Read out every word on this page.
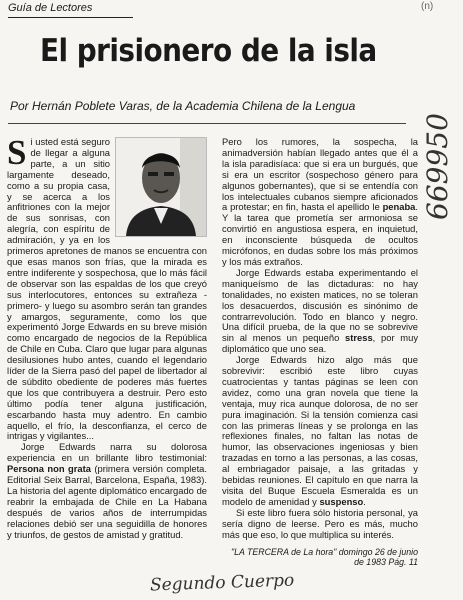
Guía de Lectores	(n)
El prisionero de la isla
Por Hernán Poblete Varas, de la Academia Chilena de la Lengua

Si usted está seguro de llegar a alguna parte, a un sitio largamente deseado, como a su propia casa, y se acerca a los anfitriones con la mejor de sus sonrisas, con alegría, con espíritu de admiración, y ya en los primeros apretones de manos se encuentra con que esas manos son frías, que la mirada es entre indiferente y sospechosa, que lo más fácil de observar son las espaldas de los que creyó sus interlocutores, entonces su extrañeza -primero- y luego su asombro serán tan grandes y amargos, seguramente, como los que experimentó Jorge Edwards en su breve misión como encargado de negocios de la República de Chile en Cuba. Claro que lugar para algunas desilusiones hubo antes, cuando el legendario líder de la Sierra pasó del papel de libertador al de súbdito obediente de poderes más fuertes que los que contribuyera a destruir. Pero esto último podía tener alguna justificación, escarbando hasta muy adentro. En cambio aquello, el frío, la desconfianza, el cerco de intrigas y vigilantes...

Jorge Edwards narra su dolorosa experiencia en un brillante libro testimonial: Persona non grata (primera versión completa. Editorial Seix Barral, Barcelona, España, 1983). La historia del agente diplomático encargado de reabrir la embajada de Chile en La Habana después de varios años de interrumpidas relaciones debió ser una seguidilla de honores y triunfos, de gestos de amistad y gratitud.

Pero los rumores, la sospecha, la animadversión habían llegado antes que él a la isla paradisíaca: que si era un burgués, que si era un escritor (sospechoso género para algunos gobernantes), que si se entendía con los intelectuales cubanos siempre aficionados a protestar; en fin, hasta el apellido le penaba. Y la tarea que prometía ser armoniosa se convirtió en angustiosa espera, en inquietud, en inconsciente búsqueda de ocultos micrófonos, en dudas sobre los más próximos y los más extraños.

Jorge Edwards estaba experimentando el maniqueísmo de las dictaduras: no hay tonalidades, no existen matices, no se toleran los desacuerdos, discusión es sinónimo de contrarrevolución. Todo en blanco y negro. Una difícil prueba, de la que no se sobrevive sin al menos un pequeño stress, por muy diplomático que uno sea.

Jorge Edwards hizo algo más que sobrevivir: escribió este libro cuyas cuatrocientas y tantas páginas se leen con avidez, como una gran novela que tiene la ventaja, muy rica aunque dolorosa, de no ser pura imaginación. Si la tensión comienza casi con las primeras líneas y se prolonga en las reflexiones finales, no faltan las notas de humor, las observaciones ingeniosas y bien trazadas en torno a las personas, a las cosas, al embriagador paisaje, a las gritadas y bebidas reuniones. El capítulo en que narra la visita del Buque Escuela Esmeralda es un modelo de amenidad y suspenso.

Si este libro fuera sólo historia personal, ya sería digno de leerse. Pero es más, mucho más que eso, lo que multiplica su interés.

"LA TERCERA de La hora" domingo 26 de junio de 1983 Pág. 11
669950
Segundo Cuerpo
